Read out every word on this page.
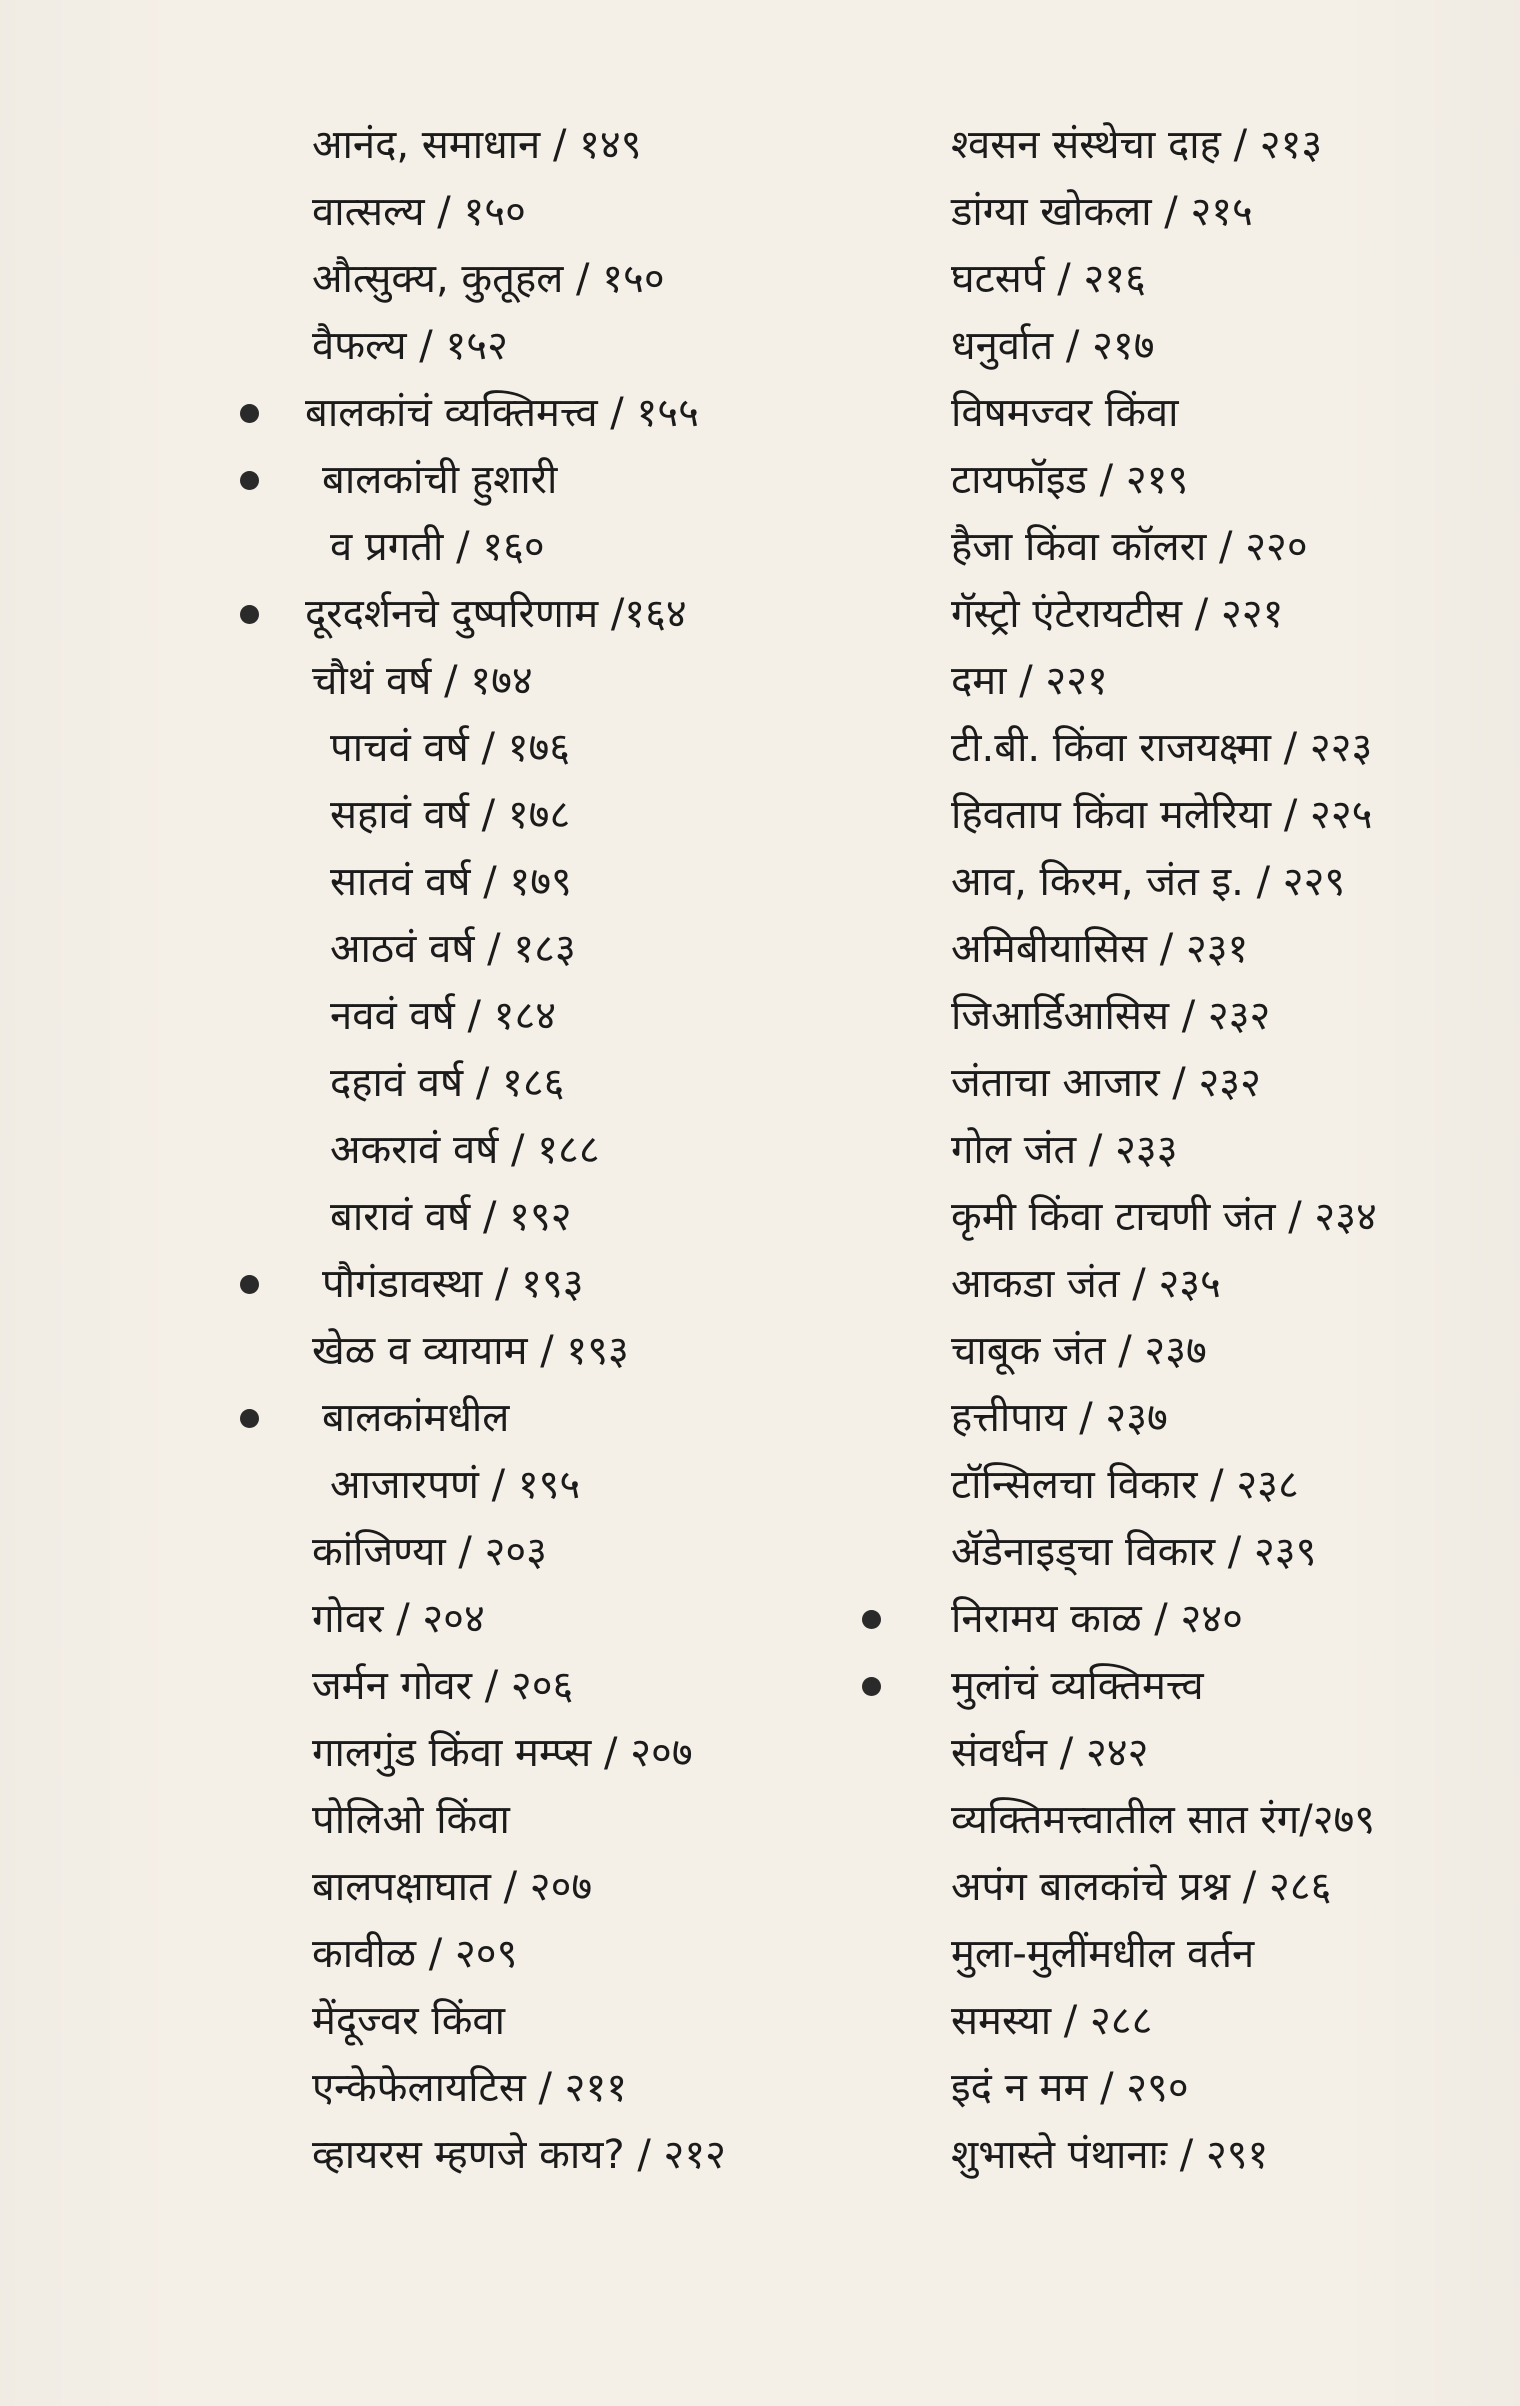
आनंद, समाधान / १४९
वात्सल्य / १५०
औत्सुक्य, कुतूहल / १५०
वैफल्य / १५२
बालकांचं व्यक्तिमत्त्व / १५५
बालकांची हुशारी
व प्रगती / १६०
दूरदर्शनचे दुष्परिणाम /१६४
चौथं वर्ष / १७४
पाचवं वर्ष / १७६
सहावं वर्ष / १७८
सातवं वर्ष / १७९
आठवं वर्ष / १८३
नववं वर्ष / १८४
दहावं वर्ष / १८६
अकरावं वर्ष / १८८
बारावं वर्ष / १९२
पौगंडावस्था / १९३
खेळ व व्यायाम / १९३
बालकांमधील
आजारपणं / १९५
कांजिण्या / २०३
गोवर / २०४
जर्मन गोवर / २०६
गालगुंड किंवा मम्प्स / २०७
पोलिओ किंवा
बालपक्षाघात / २०७
कावीळ / २०९
मेंदूज्वर किंवा
एन्केफेलायटिस / २११
व्हायरस म्हणजे काय? / २१२
श्वसन संस्थेचा दाह / २१३
डांग्या खोकला / २१५
घटसर्प / २१६
धनुर्वात / २१७
विषमज्वर किंवा
टायफॉइड / २१९
हैजा किंवा कॉलरा / २२०
गॅस्ट्रो एंटेरायटीस / २२१
दमा / २२१
टी.बी. किंवा राजयक्ष्मा / २२३
हिवताप किंवा मलेरिया / २२५
आव, किरम, जंत इ. / २२९
अमिबीयासिस / २३१
जिआर्डिआसिस / २३२
जंताचा आजार / २३२
गोल जंत / २३३
कृमी किंवा टाचणी जंत / २३४
आकडा जंत / २३५
चाबूक जंत / २३७
हत्तीपाय / २३७
टॉन्सिलचा विकार / २३८
ॲडेनाइड्चा विकार / २३९
निरामय काळ / २४०
मुलांचं व्यक्तिमत्त्व
संवर्धन / २४२
व्यक्तिमत्त्वातील सात रंग/२७९
अपंग बालकांचे प्रश्न / २८६
मुला-मुलींमधील वर्तन
समस्या / २८८
इदं न मम / २९०
शुभास्ते पंथानाः / २९१
